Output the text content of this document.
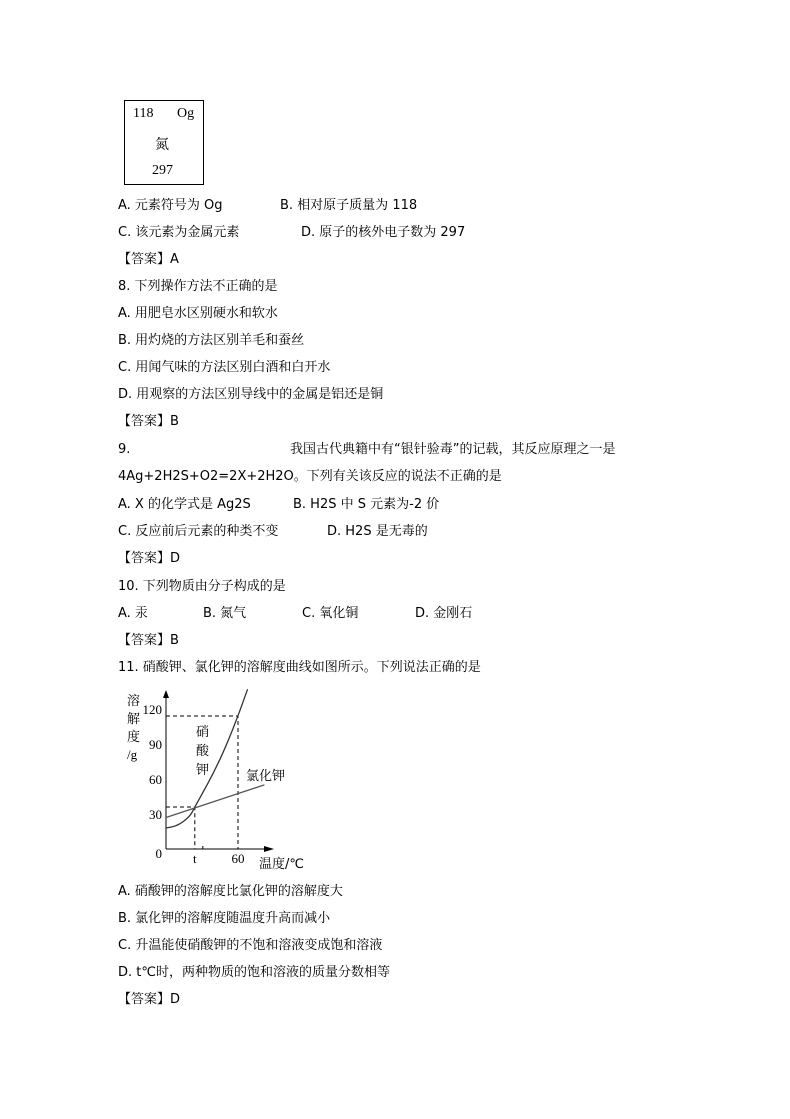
118 Og
氮
297
A. 元素符号为 Og	B. 相对原子质量为 118
C. 该元素为金属元素	D. 原子的核外电子数为 297
【答案】A
8. 下列操作方法不正确的是
A. 用肥皂水区别硬水和软水
B. 用灼烧的方法区别羊毛和蚕丝
C. 用闻气味的方法区别白酒和白开水
D. 用观察的方法区别导线中的金属是铝还是铜
【答案】B
9.	我国古代典籍中有“银针验毒”的记载，其反应原理之一是
4Ag+2H2S+O2=2X+2H2O。下列有关该反应的说法不正确的是
A. X 的化学式是 Ag2S	B. H2S 中 S 元素为-2 价
C. 反应前后元素的种类不变	D. H2S 是无毒的
【答案】D
10. 下列物质由分子构成的是
A. 汞	B. 氮气	C. 氧化铜	D. 金刚石
【答案】B
11. 硝酸钾、氯化钾的溶解度曲线如图所示。下列说法正确的是
0
30
60
90
120
t	60
溶
解
度
/g
硝
酸
钾	氯化钾
温度/℃
A. 硝酸钾的溶解度比氯化钾的溶解度大
B. 氯化钾的溶解度随温度升高而减小
C. 升温能使硝酸钾的不饱和溶液变成饱和溶液
D. t℃时，两种物质的饱和溶液的质量分数相等
【答案】D
